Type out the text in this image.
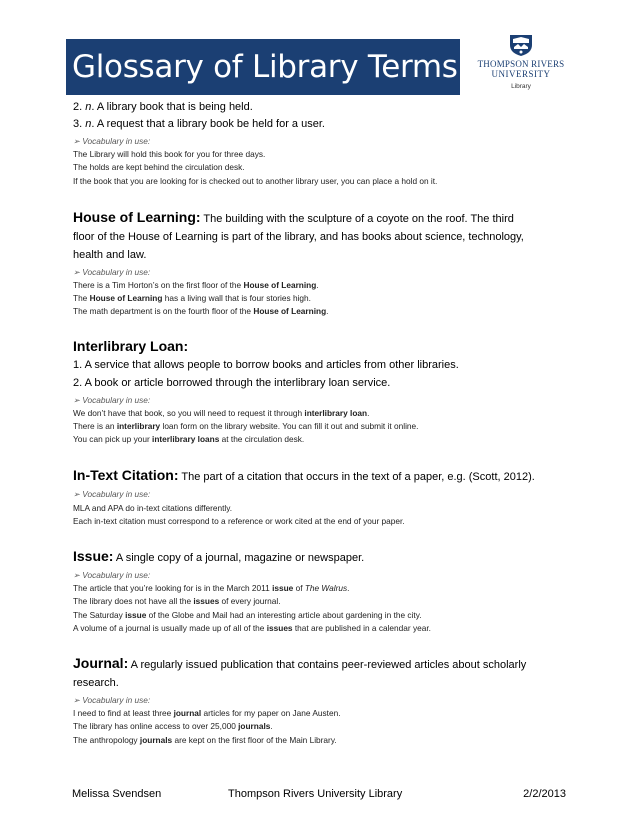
Glossary of Library Terms	THOMPSON RIVERS
UNIVERSITY
Library
2. n. A library book that is being held.
3. n. A request that a library book be held for a user.
➢ Vocabulary in use:
The Library will hold this book for you for three days.
The holds are kept behind the circulation desk.
If the book that you are looking for is checked out to another library user, you can place a hold on it.
House of Learning: The building with the sculpture of a coyote on the roof. The third
floor of the House of Learning is part of the library, and has books about science, technology,
health and law.
➢ Vocabulary in use:
There is a Tim Horton’s on the first floor of the House of Learning.
The House of Learning has a living wall that is four stories high.
The math department is on the fourth floor of the House of Learning.
Interlibrary Loan:
1. A service that allows people to borrow books and articles from other libraries.
2. A book or article borrowed through the interlibrary loan service.
➢ Vocabulary in use:
We don’t have that book, so you will need to request it through interlibrary loan.
There is an interlibrary loan form on the library website. You can fill it out and submit it online.
You can pick up your interlibrary loans at the circulation desk.
In-Text Citation: The part of a citation that occurs in the text of a paper, e.g. (Scott, 2012).
➢ Vocabulary in use:
MLA and APA do in-text citations differently.
Each in-text citation must correspond to a reference or work cited at the end of your paper.
Issue: A single copy of a journal, magazine or newspaper.
➢ Vocabulary in use:
The article that you’re looking for is in the March 2011 issue of The Walrus.
The library does not have all the issues of every journal.
The Saturday issue of the Globe and Mail had an interesting article about gardening in the city.
A volume of a journal is usually made up of all of the issues that are published in a calendar year.
Journal: A regularly issued publication that contains peer-reviewed articles about scholarly
research.
➢ Vocabulary in use:
I need to find at least three journal articles for my paper on Jane Austen.
The library has online access to over 25,000 journals.
The anthropology journals are kept on the first floor of the Main Library.
Melissa Svendsen	Thompson Rivers University Library	2/2/2013
